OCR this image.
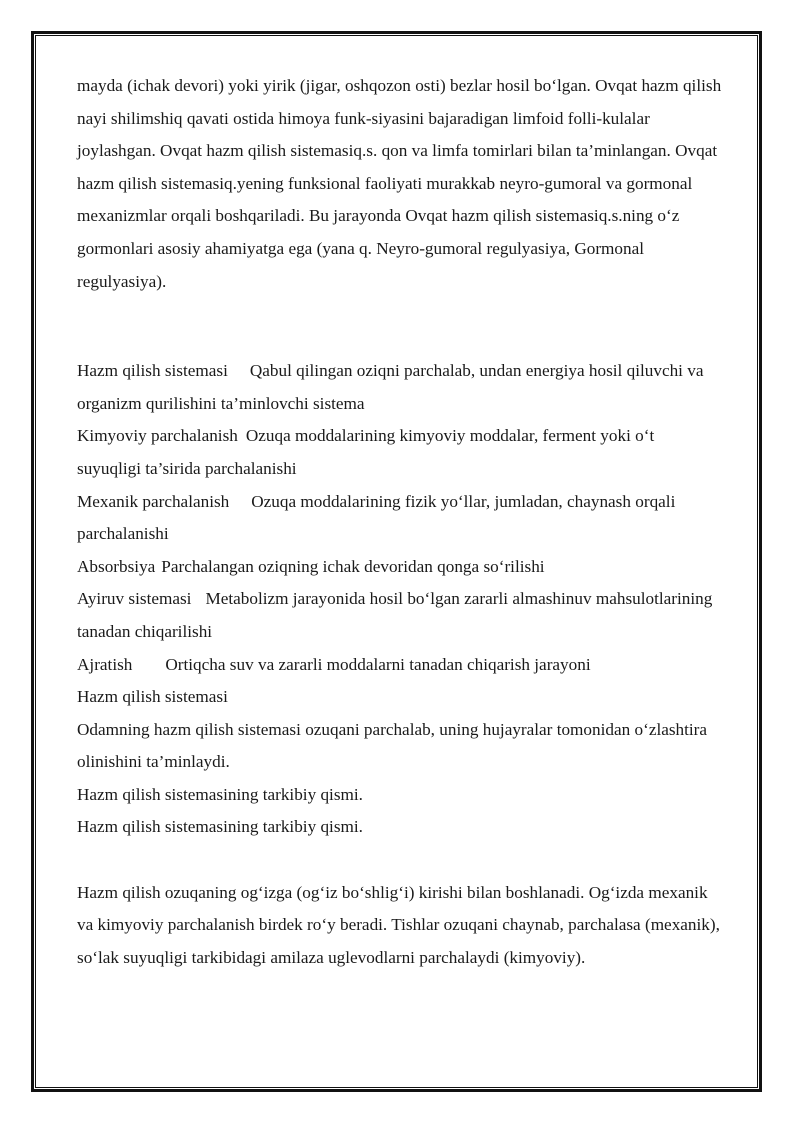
mayda (ichak devori) yoki yirik (jigar, oshqozon osti) bezlar hosil bo‘lgan. Ovqat hazm qilish nayi shilimshiq qavati ostida himoya funk-siyasini bajaradigan limfoid folli-kulalar joylashgan. Ovqat hazm qilish sistemasiq.s. qon va limfa tomirlari bilan ta’minlangan. Ovqat hazm qilish sistemasiq.yening funksional faoliyati murakkab neyro-gumoral va gormonal mexanizmlar orqali boshqariladi. Bu jarayonda Ovqat hazm qilish sistemasiq.s.ning o‘z gormonlari asosiy ahamiyatga ega (yana q. Neyro-gumoral regulyasiya, Gormonal regulyasiya).

Hazm qilish sistemasi Qabul qilingan oziqni parchalab, undan energiya hosil qiluvchi va organizm qurilishini ta’minlovchi sistema

Kimyoviy parchalanish Ozuqa moddalarining kimyoviy moddalar, ferment yoki o‘t suyuqligi ta’sirida parchalanishi

Mexanik parchalanish Ozuqa moddalarining fizik yo‘llar, jumladan, chaynash orqali parchalanishi

Absorbsiya Parchalangan oziqning ichak devoridan qonga so‘rilishi

Ayiruv sistemasi Metabolizm jarayonida hosil bo‘lgan zararli almashinuv mahsulotlarining tanadan chiqarilishi

Ajratish Ortiqcha suv va zararli moddalarni tanadan chiqarish jarayoni

Hazm qilish sistemasi

Odamning hazm qilish sistemasi ozuqani parchalab, uning hujayralar tomonidan o‘zlashtira olinishini ta’minlaydi.

Hazm qilish sistemasining tarkibiy qismi.

Hazm qilish sistemasining tarkibiy qismi.

Hazm qilish ozuqaning og‘izga (og‘iz bo‘shlig‘i) kirishi bilan boshlanadi. Og‘izda mexanik va kimyoviy parchalanish birdek ro‘y beradi. Tishlar ozuqani chaynab, parchalasa (mexanik), so‘lak suyuqligi tarkibidagi amilaza uglevodlarni parchalaydi (kimyoviy).
